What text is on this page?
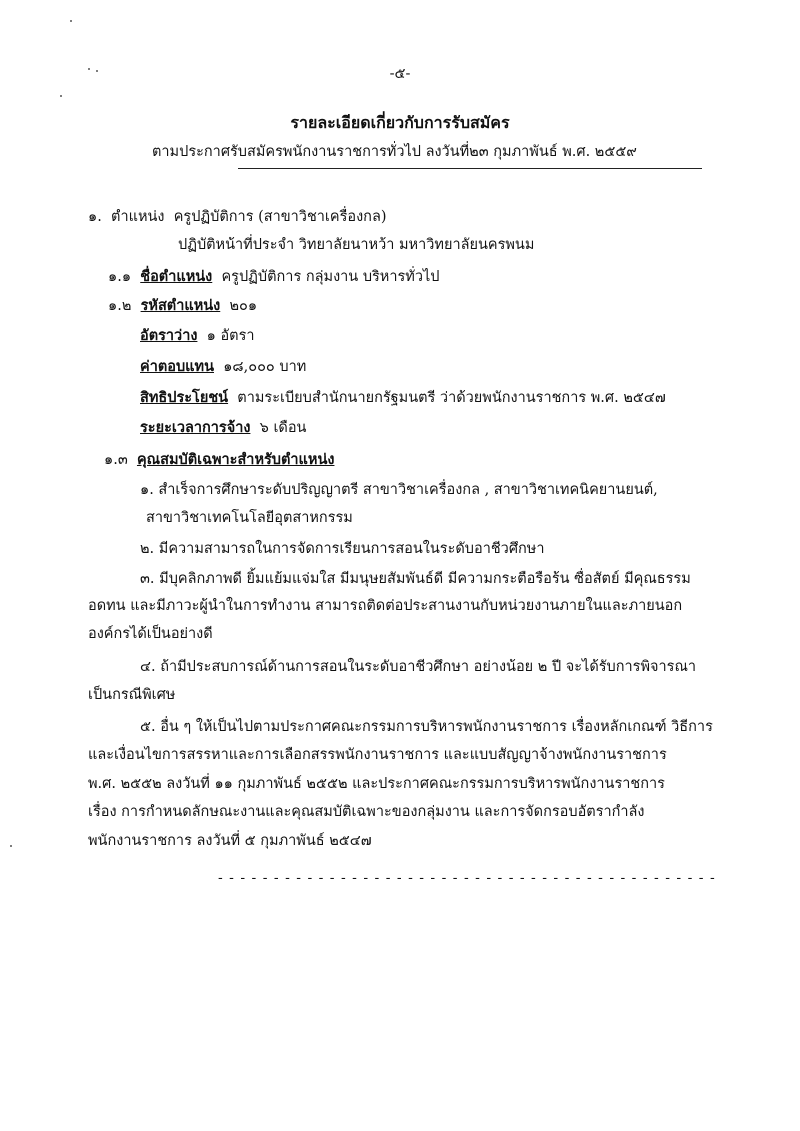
-๕-
รายละเอียดเกี่ยวกับการรับสมัคร
ตามประกาศรับสมัครพนักงานราชการทั่วไป ลงวันที่๒๓ กุมภาพันธ์ พ.ศ. ๒๕๕๙
๑. ตำแหน่ง ครูปฏิบัติการ (สาขาวิชาเครื่องกล)
ปฏิบัติหน้าที่ประจำ วิทยาลัยนาหว้า มหาวิทยาลัยนครพนม
๑.๑ ชื่อตำแหน่ง ครูปฏิบัติการ กลุ่มงาน บริหารทั่วไป
๑.๒ รหัสตำแหน่ง ๒๐๑
อัตราว่าง ๑ อัตรา
ค่าตอบแทน ๑๘,๐๐๐ บาท
สิทธิประโยชน์ ตามระเบียบสำนักนายกรัฐมนตรี ว่าด้วยพนักงานราชการ พ.ศ. ๒๕๔๗
ระยะเวลาการจ้าง ๖ เดือน
๑.๓ คุณสมบัติเฉพาะสำหรับตำแหน่ง
๑. สำเร็จการศึกษาระดับปริญญาตรี สาขาวิชาเครื่องกล , สาขาวิชาเทคนิคยานยนต์,
สาขาวิชาเทคโนโลยีอุตสาหกรรม
๒. มีความสามารถในการจัดการเรียนการสอนในระดับอาชีวศึกษา
๓. มีบุคลิกภาพดี ยิ้มแย้มแจ่มใส มีมนุษยสัมพันธ์ดี มีความกระตือรือร้น ซื่อสัตย์ มีคุณธรรม
อดทน และมีภาวะผู้นำในการทำงาน สามารถติดต่อประสานงานกับหน่วยงานภายในและภายนอก
องค์กรได้เป็นอย่างดี
๔. ถ้ามีประสบการณ์ด้านการสอนในระดับอาชีวศึกษา อย่างน้อย ๒ ปี จะได้รับการพิจารณา
เป็นกรณีพิเศษ
๕. อื่น ๆ ให้เป็นไปตามประกาศคณะกรรมการบริหารพนักงานราชการ เรื่องหลักเกณฑ์ วิธีการ
และเงื่อนไขการสรรหาและการเลือกสรรพนักงานราชการ และแบบสัญญาจ้างพนักงานราชการ
พ.ศ. ๒๕๕๒ ลงวันที่ ๑๑ กุมภาพันธ์ ๒๕๕๒ และประกาศคณะกรรมการบริหารพนักงานราชการ
เรื่อง การกำหนดลักษณะงานและคุณสมบัติเฉพาะของกลุ่มงาน และการจัดกรอบอัตรากำลัง
พนักงานราชการ ลงวันที่ ๕ กุมภาพันธ์ ๒๕๔๗
- - - - - - - - - - - - - - - - - - - - - - - - - - - - - - - - - - - - - - - - - - - - -
